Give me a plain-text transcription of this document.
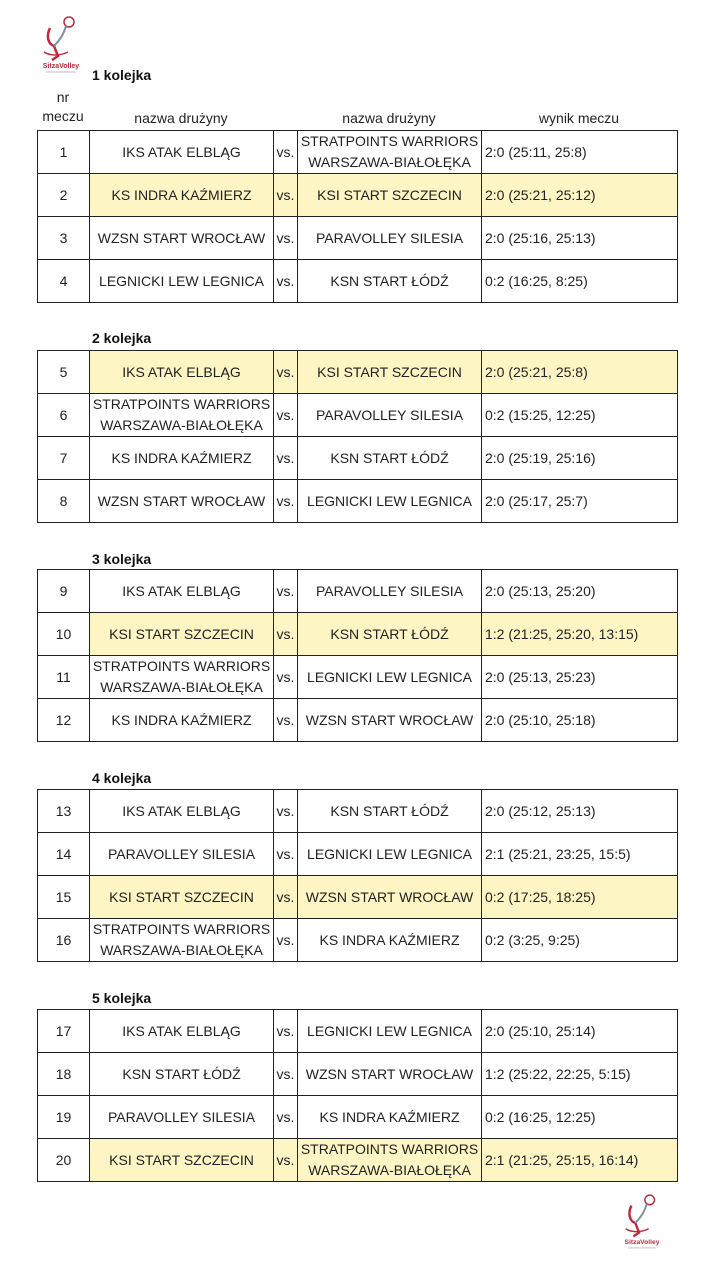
SitzaVolley
SitzaVolley
nr
meczu	nazwa drużyny	nazwa drużyny	wynik meczu
1 kolejka
2 kolejka
3 kolejka
4 kolejka
5 kolejka
1	IKS ATAK ELBLĄG	vs.	STRATPOINTS WARRIORS WARSZAWA-BIAŁOŁĘKA	2:0 (25:11, 25:8)
2	KS INDRA KAŹMIERZ	vs.	KSI START SZCZECIN	2:0 (25:21, 25:12)
3	WZSN START WROCŁAW	vs.	PARAVOLLEY SILESIA	2:0 (25:16, 25:13)
4	LEGNICKI LEW LEGNICA	vs.	KSN START ŁÓDŹ	0:2 (16:25, 8:25)
5	IKS ATAK ELBLĄG	vs.	KSI START SZCZECIN	2:0 (25:21, 25:8)
6	STRATPOINTS WARRIORS WARSZAWA-BIAŁOŁĘKA	vs.	PARAVOLLEY SILESIA	0:2 (15:25, 12:25)
7	KS INDRA KAŹMIERZ	vs.	KSN START ŁÓDŹ	2:0 (25:19, 25:16)
8	WZSN START WROCŁAW	vs.	LEGNICKI LEW LEGNICA	2:0 (25:17, 25:7)
9	IKS ATAK ELBLĄG	vs.	PARAVOLLEY SILESIA	2:0 (25:13, 25:20)
10	KSI START SZCZECIN	vs.	KSN START ŁÓDŹ	1:2 (21:25, 25:20, 13:15)
11	STRATPOINTS WARRIORS WARSZAWA-BIAŁOŁĘKA	vs.	LEGNICKI LEW LEGNICA	2:0 (25:13, 25:23)
12	KS INDRA KAŹMIERZ	vs.	WZSN START WROCŁAW	2:0 (25:10, 25:18)
13	IKS ATAK ELBLĄG	vs.	KSN START ŁÓDŹ	2:0 (25:12, 25:13)
14	PARAVOLLEY SILESIA	vs.	LEGNICKI LEW LEGNICA	2:1 (25:21, 23:25, 15:5)
15	KSI START SZCZECIN	vs.	WZSN START WROCŁAW	0:2 (17:25, 18:25)
16	STRATPOINTS WARRIORS WARSZAWA-BIAŁOŁĘKA	vs.	KS INDRA KAŹMIERZ	0:2 (3:25, 9:25)
17	IKS ATAK ELBLĄG	vs.	LEGNICKI LEW LEGNICA	2:0 (25:10, 25:14)
18	KSN START ŁÓDŹ	vs.	WZSN START WROCŁAW	1:2 (25:22, 22:25, 5:15)
19	PARAVOLLEY SILESIA	vs.	KS INDRA KAŹMIERZ	0:2 (16:25, 12:25)
20	KSI START SZCZECIN	vs.	STRATPOINTS WARRIORS WARSZAWA-BIAŁOŁĘKA	2:1 (21:25, 25:15, 16:14)
